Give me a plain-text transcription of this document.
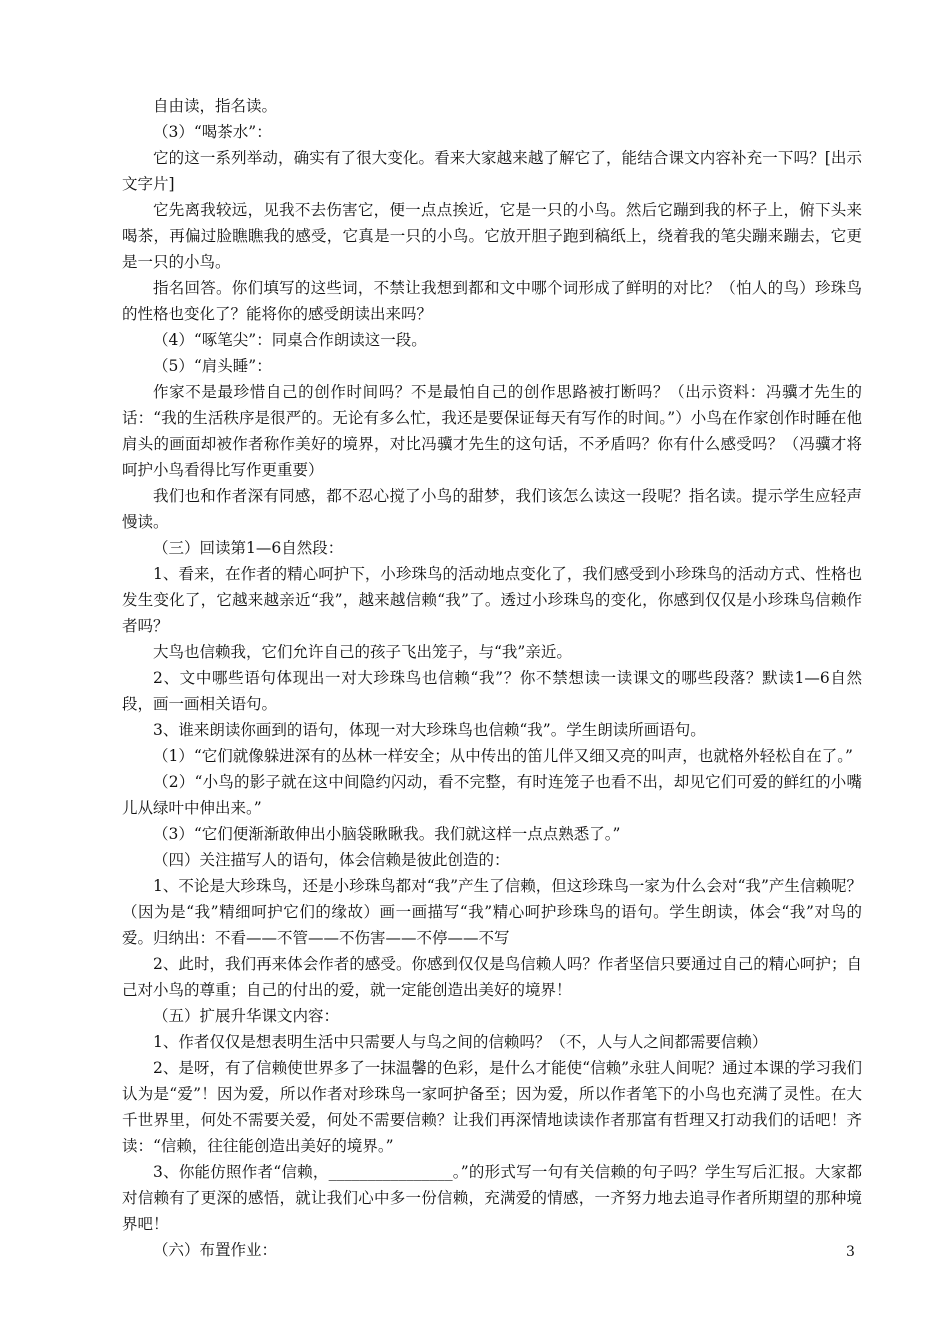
自由读，指名读。

（3）“喝茶水”：

它的这一系列举动，确实有了很大变化。看来大家越来越了解它了，能结合课文内容补充一下吗？[出示文字片]

它先离我较远，见我不去伤害它，便一点点挨近，它是一只的小鸟。然后它蹦到我的杯子上，俯下头来喝茶，再偏过脸瞧瞧我的感受，它真是一只的小鸟。它放开胆子跑到稿纸上，绕着我的笔尖蹦来蹦去，它更是一只的小鸟。

指名回答。你们填写的这些词，不禁让我想到都和文中哪个词形成了鲜明的对比？（怕人的鸟）珍珠鸟的性格也变化了？能将你的感受朗读出来吗？

（4）“啄笔尖”：同桌合作朗读这一段。

（5）“肩头睡”：

作家不是最珍惜自己的创作时间吗？不是最怕自己的创作思路被打断吗？（出示资料：冯骥才先生的话：“我的生活秩序是很严的。无论有多么忙，我还是要保证每天有写作的时间。”）小鸟在作家创作时睡在他肩头的画面却被作者称作美好的境界，对比冯骥才先生的这句话，不矛盾吗？你有什么感受吗？（冯骥才将呵护小鸟看得比写作更重要）

我们也和作者深有同感，都不忍心搅了小鸟的甜梦，我们该怎么读这一段呢？指名读。提示学生应轻声慢读。

（三）回读第1—6自然段：

1、看来，在作者的精心呵护下，小珍珠鸟的活动地点变化了，我们感受到小珍珠鸟的活动方式、性格也发生变化了，它越来越亲近“我”，越来越信赖“我”了。透过小珍珠鸟的变化，你感到仅仅是小珍珠鸟信赖作者吗？

大鸟也信赖我，它们允许自己的孩子飞出笼子，与“我”亲近。

2、文中哪些语句体现出一对大珍珠鸟也信赖“我”？你不禁想读一读课文的哪些段落？默读1—6自然段，画一画相关语句。

3、谁来朗读你画到的语句，体现一对大珍珠鸟也信赖“我”。学生朗读所画语句。

（1）“它们就像躲进深有的丛林一样安全；从中传出的笛儿伴又细又亮的叫声，也就格外轻松自在了。”

（2）“小鸟的影子就在这中间隐约闪动，看不完整，有时连笼子也看不出，却见它们可爱的鲜红的小嘴儿从绿叶中伸出来。”

（3）“它们便渐渐敢伸出小脑袋瞅瞅我。我们就这样一点点熟悉了。”

（四）关注描写人的语句，体会信赖是彼此创造的：

1、不论是大珍珠鸟，还是小珍珠鸟都对“我”产生了信赖，但这珍珠鸟一家为什么会对“我”产生信赖呢？（因为是“我”精细呵护它们的缘故）画一画描写“我”精心呵护珍珠鸟的语句。学生朗读，体会“我”对鸟的爱。归纳出：不看——不管——不伤害——不停——不写

2、此时，我们再来体会作者的感受。你感到仅仅是鸟信赖人吗？作者坚信只要通过自己的精心呵护；自己对小鸟的尊重；自己的付出的爱，就一定能创造出美好的境界！

（五）扩展升华课文内容：

1、作者仅仅是想表明生活中只需要人与鸟之间的信赖吗？（不，人与人之间都需要信赖）

2、是呀，有了信赖使世界多了一抹温馨的色彩，是什么才能使“信赖”永驻人间呢？通过本课的学习我们认为是“爱”！因为爱，所以作者对珍珠鸟一家呵护备至；因为爱，所以作者笔下的小鸟也充满了灵性。在大千世界里，何处不需要关爱，何处不需要信赖？让我们再深情地读读作者那富有哲理又打动我们的话吧！齐读：“信赖，往往能创造出美好的境界。”

3、你能仿照作者“信赖，________________。”的形式写一句有关信赖的句子吗？学生写后汇报。大家都对信赖有了更深的感悟，就让我们心中多一份信赖，充满爱的情感，一齐努力地去追寻作者所期望的那种境界吧！

（六）布置作业：	3
